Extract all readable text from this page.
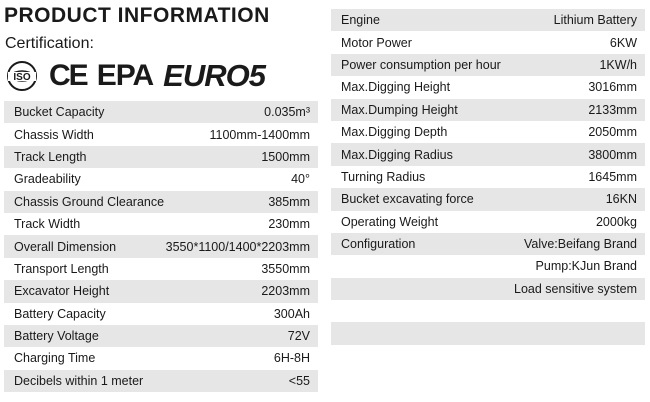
PRODUCT INFORMATION
Certification:
ISO CE EPA EURO5
Bucket Capacity	0.035m³
Chassis Width	1100mm-1400mm
Track Length	1500mm
Gradeability	40°
Chassis Ground Clearance	385mm
Track Width	230mm
Overall Dimension	3550*1100/1400*2203mm
Transport Length	3550mm
Excavator Height	2203mm
Battery Capacity	300Ah
Battery Voltage	72V
Charging Time	6H-8H
Decibels within 1 meter	<55
Engine	Lithium Battery
Motor Power	6KW
Power consumption per hour	1KW/h
Max.Digging Height	3016mm
Max.Dumping Height	2133mm
Max.Digging Depth	2050mm
Max.Digging Radius	3800mm
Turning Radius	1645mm
Bucket excavating force	16KN
Operating Weight	2000kg
Configuration	Valve:Beifang Brand
Pump:KJun Brand
Load sensitive system
